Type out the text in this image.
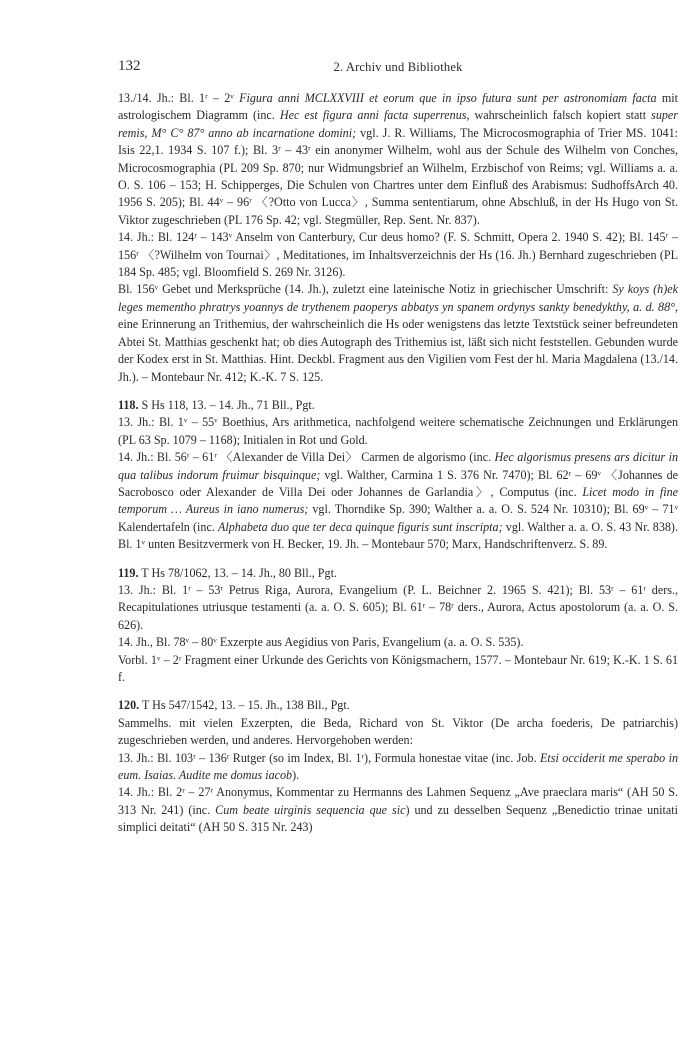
132	2. Archiv und Bibliothek

13./14. Jh.: Bl. 1ʳ – 2ᵛ Figura anni MCLXXVIII et eorum que in ipso futura sunt per astronomiam facta mit astrologischem Diagramm (inc. Hec est figura anni facta superrenus, wahrscheinlich falsch kopiert statt super remis, M° C° 87° anno ab incarnatione domini; vgl. J. R. Williams, The Microcosmographia of Trier MS. 1041: Isis 22,1. 1934 S. 107 f.); Bl. 3ʳ – 43ʳ ein anonymer Wilhelm, wohl aus der Schule des Wilhelm von Conches, Microcosmographia (PL 209 Sp. 870; nur Widmungsbrief an Wilhelm, Erzbischof von Reims; vgl. Williams a. a. O. S. 106 – 153; H. Schipperges, Die Schulen von Chartres unter dem Einfluß des Arabismus: SudhoffsArch 40. 1956 S. 205); Bl. 44ᵛ – 96ʳ 〈?Otto von Lucca〉, Summa sententiarum, ohne Abschluß, in der Hs Hugo von St. Viktor zugeschrieben (PL 176 Sp. 42; vgl. Stegmüller, Rep. Sent. Nr. 837).

14. Jh.: Bl. 124ʳ – 143ᵛ Anselm von Canterbury, Cur deus homo? (F. S. Schmitt, Opera 2. 1940 S. 42); Bl. 145ʳ – 156ʳ 〈?Wilhelm von Tournai〉, Meditationes, im Inhaltsverzeichnis der Hs (16. Jh.) Bernhard zugeschrieben (PL 184 Sp. 485; vgl. Bloomfield S. 269 Nr. 3126).

Bl. 156ᵛ Gebet und Merksprüche (14. Jh.), zuletzt eine lateinische Notiz in griechischer Umschrift: Sy koys (h)ek leges mementho phratrys yoannys de trythenem paoperys abbatys yn spanem ordynys sankty benedykthy, a. d. 88°, eine Erinnerung an Trithemius, der wahrscheinlich die Hs oder wenigstens das letzte Textstück seiner befreundeten Abtei St. Matthias geschenkt hat; ob dies Autograph des Trithemius ist, läßt sich nicht feststellen. Gebunden wurde der Kodex erst in St. Matthias. Hint. Deckbl. Fragment aus den Vigilien vom Fest der hl. Maria Magdalena (13./14. Jh.). – Montebaur Nr. 412; K.-K. 7 S. 125.

118. S Hs 118, 13. – 14. Jh., 71 Bll., Pgt.

13. Jh.: Bl. 1ᵛ – 55ᵛ Boethius, Ars arithmetica, nachfolgend weitere schematische Zeichnungen und Erklärungen (PL 63 Sp. 1079 – 1168); Initialen in Rot und Gold.

14. Jh.: Bl. 56ʳ – 61ʳ 〈Alexander de Villa Dei〉 Carmen de algorismo (inc. Hec algorismus presens ars dicitur in qua talibus indorum fruimur bisquinque; vgl. Walther, Carmina 1 S. 376 Nr. 7470); Bl. 62ʳ – 69ᵛ 〈Johannes de Sacrobosco oder Alexander de Villa Dei oder Johannes de Garlandia〉, Computus (inc. Licet modo in fine temporum … Aureus in iano numerus; vgl. Thorndike Sp. 390; Walther a. a. O. S. 524 Nr. 10310); Bl. 69ᵛ – 71ᵛ Kalendertafeln (inc. Alphabeta duo que ter deca quinque figuris sunt inscripta; vgl. Walther a. a. O. S. 43 Nr. 838). Bl. 1ᵛ unten Besitzvermerk von H. Becker, 19. Jh. – Montebaur 570; Marx, Handschriftenverz. S. 89.

119. T Hs 78/1062, 13. – 14. Jh., 80 Bll., Pgt.

13. Jh.: Bl. 1ʳ – 53ʳ Petrus Riga, Aurora, Evangelium (P. L. Beichner 2. 1965 S. 421); Bl. 53ʳ – 61ʳ ders., Recapitulationes utriusque testamenti (a. a. O. S. 605); Bl. 61ʳ – 78ʳ ders., Aurora, Actus apostolorum (a. a. O. S. 626).

14. Jh., Bl. 78ᵛ – 80ᵛ Exzerpte aus Aegidius von Paris, Evangelium (a. a. O. S. 535).

Vorbl. 1ᵛ – 2ʳ Fragment einer Urkunde des Gerichts von Königsmachern, 1577. – Montebaur Nr. 619; K.-K. 1 S. 61 f.

120. T Hs 547/1542, 13. – 15. Jh., 138 Bll., Pgt.

Sammelhs. mit vielen Exzerpten, die Beda, Richard von St. Viktor (De archa foederis, De patriarchis) zugeschrieben werden, und anderes. Hervorgehoben werden:

13. Jh.: Bl. 103ʳ – 136ʳ Rutger (so im Index, Bl. 1ʳ), Formula honestae vitae (inc. Job. Etsi occiderit me sperabo in eum. Isaias. Audite me domus iacob).

14. Jh.: Bl. 2ʳ – 27ʳ Anonymus, Kommentar zu Hermanns des Lahmen Sequenz „Ave praeclara maris“ (AH 50 S. 313 Nr. 241) (inc. Cum beate uirginis sequencia que sic) und zu desselben Sequenz „Benedictio trinae unitati simplici deitati“ (AH 50 S. 315 Nr. 243)
